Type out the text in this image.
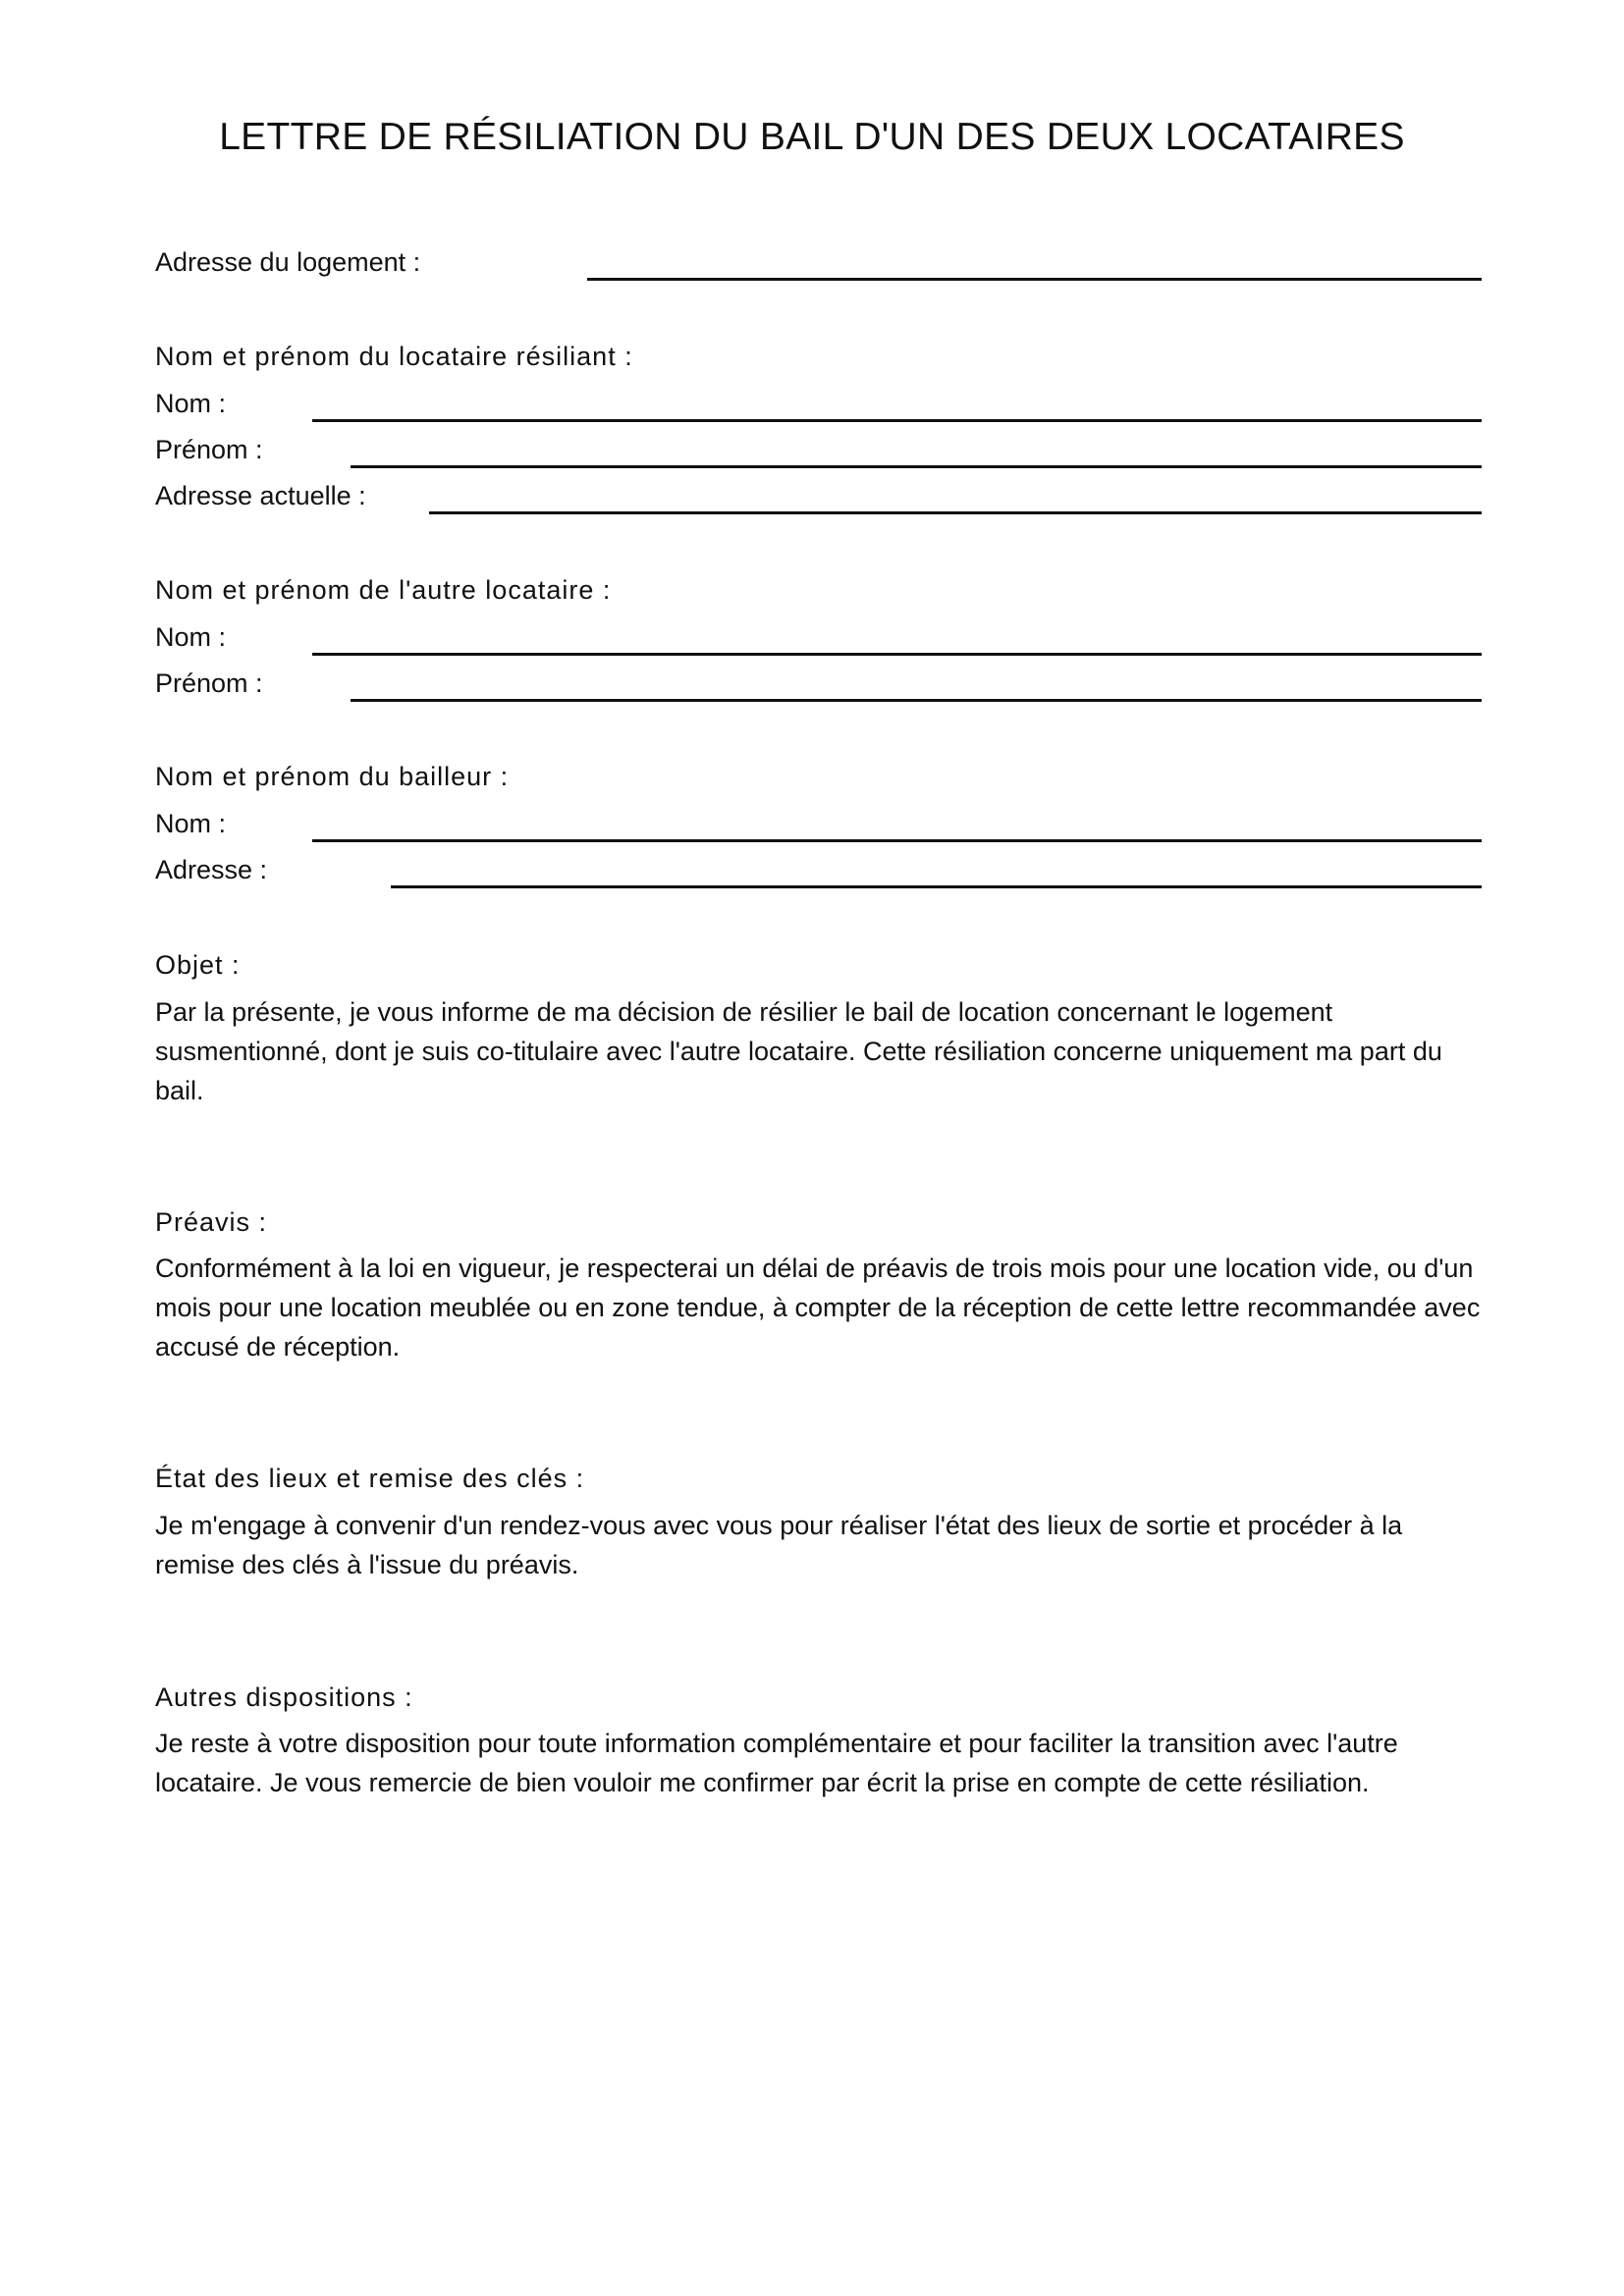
LETTRE DE RÉSILIATION DU BAIL D'UN DES DEUX LOCATAIRES
Adresse du logement :
Nom et prénom du locataire résiliant :
Nom :
Prénom :
Adresse actuelle :
Nom et prénom de l'autre locataire :
Nom :
Prénom :
Nom et prénom du bailleur :
Nom :
Adresse :
Objet :

Par la présente, je vous informe de ma décision de résilier le bail de location concernant le logement susmentionné, dont je suis co-titulaire avec l'autre locataire. Cette résiliation concerne uniquement ma part du bail.

Préavis :

Conformément à la loi en vigueur, je respecterai un délai de préavis de trois mois pour une location vide, ou d'un mois pour une location meublée ou en zone tendue, à compter de la réception de cette lettre recommandée avec accusé de réception.

État des lieux et remise des clés :

Je m'engage à convenir d'un rendez-vous avec vous pour réaliser l'état des lieux de sortie et procéder à la remise des clés à l'issue du préavis.

Autres dispositions :

Je reste à votre disposition pour toute information complémentaire et pour faciliter la transition avec l'autre locataire. Je vous remercie de bien vouloir me confirmer par écrit la prise en compte de cette résiliation.
